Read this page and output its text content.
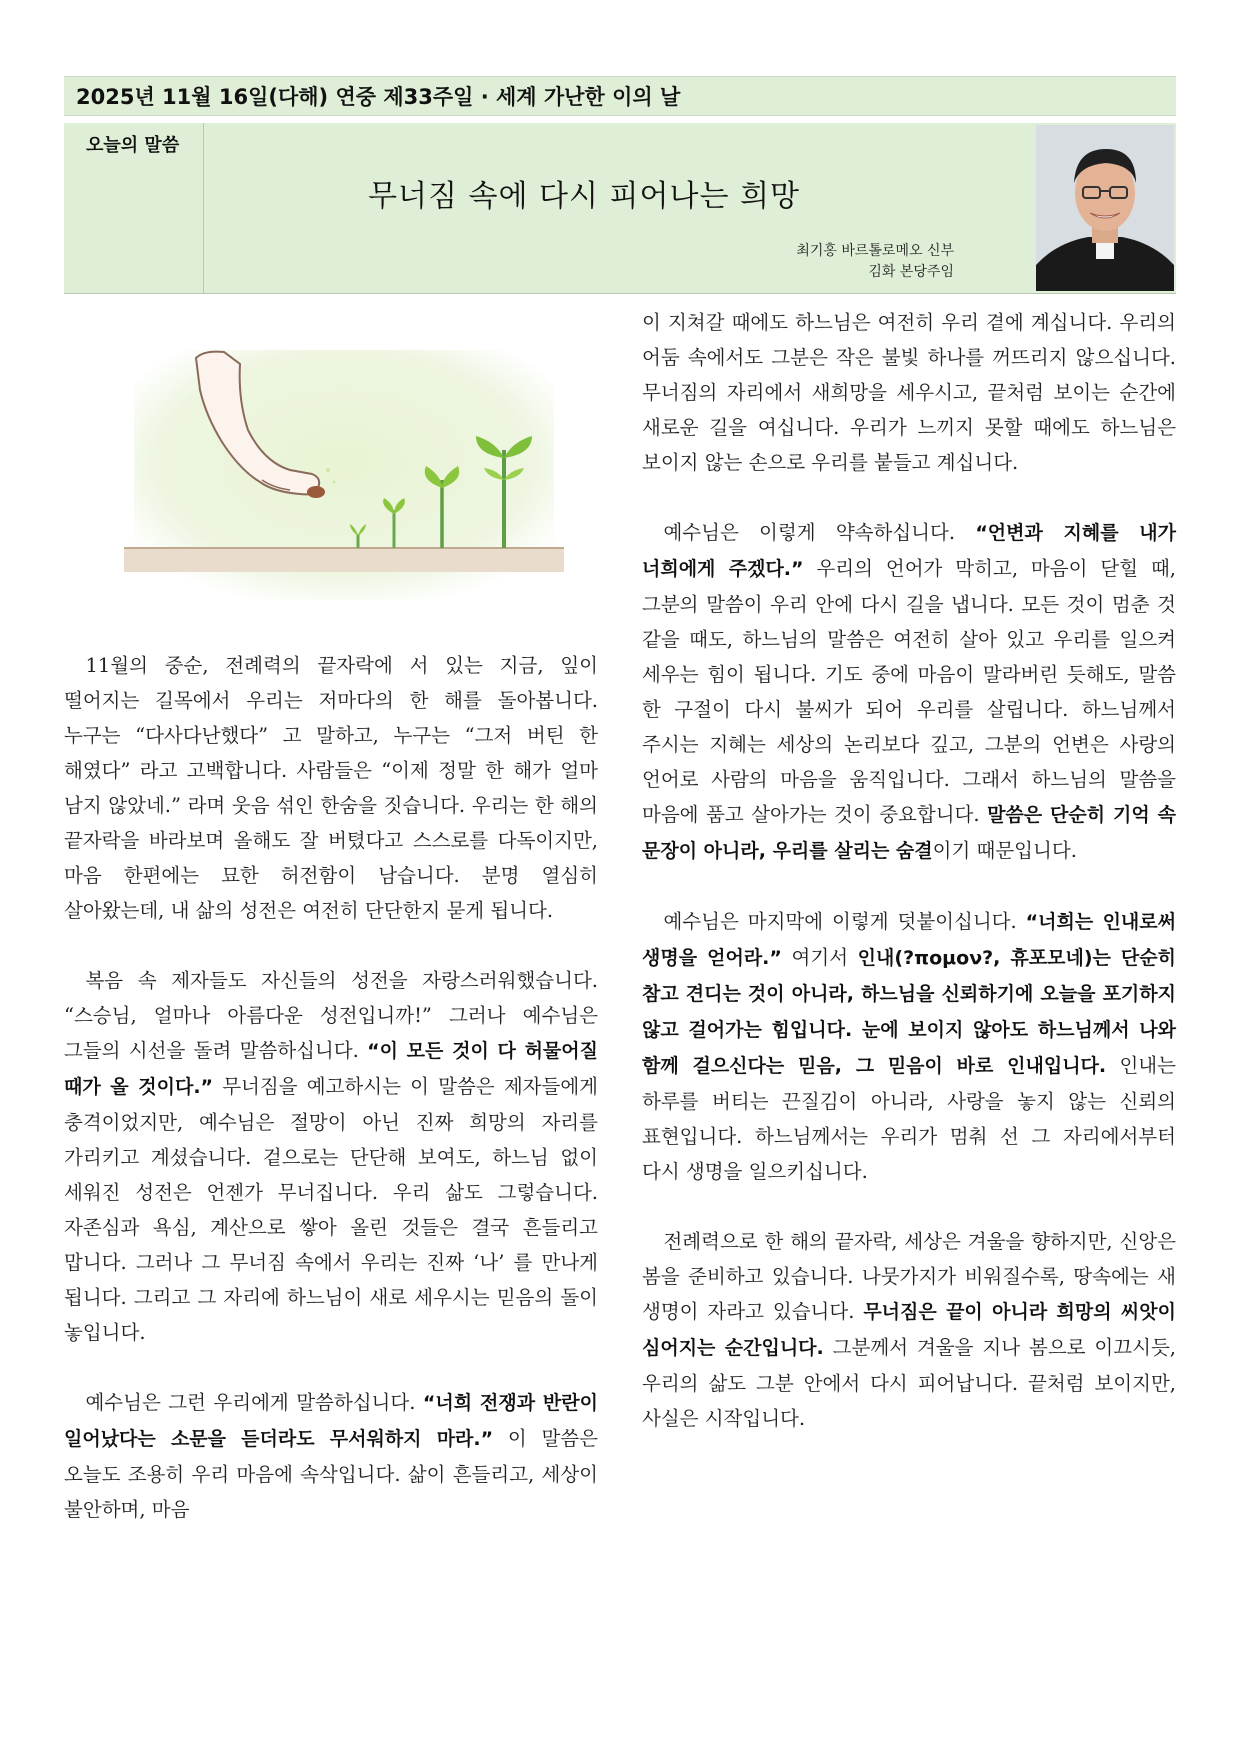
2025년 11월 16일(다해) 연중 제33주일 · 세계 가난한 이의 날
오늘의 말씀
무너짐 속에 다시 피어나는 희망
최기홍 바르톨로메오 신부
김화 본당주임

11월의 중순, 전례력의 끝자락에 서 있는 지금, 잎이 떨어지는 길목에서 우리는 저마다의 한 해를 돌아봅니다. 누구는 “다사다난했다” 고 말하고, 누구는 “그저 버틴 한 해였다” 라고 고백합니다. 사람들은 “이제 정말 한 해가 얼마 남지 않았네.” 라며 웃음 섞인 한숨을 짓습니다. 우리는 한 해의 끝자락을 바라보며 올해도 잘 버텼다고 스스로를 다독이지만, 마음 한편에는 묘한 허전함이 남습니다. 분명 열심히 살아왔는데, 내 삶의 성전은 여전히 단단한지 묻게 됩니다.

복음 속 제자들도 자신들의 성전을 자랑스러워했습니다. “스승님, 얼마나 아름다운 성전입니까!” 그러나 예수님은 그들의 시선을 돌려 말씀하십니다. “이 모든 것이 다 허물어질 때가 올 것이다.” 무너짐을 예고하시는 이 말씀은 제자들에게 충격이었지만, 예수님은 절망이 아닌 진짜 희망의 자리를 가리키고 계셨습니다. 겉으로는 단단해 보여도, 하느님 없이 세워진 성전은 언젠가 무너집니다. 우리 삶도 그렇습니다. 자존심과 욕심, 계산으로 쌓아 올린 것들은 결국 흔들리고 맙니다. 그러나 그 무너짐 속에서 우리는 진짜 ‘나’ 를 만나게 됩니다. 그리고 그 자리에 하느님이 새로 세우시는 믿음의 돌이 놓입니다.

예수님은 그런 우리에게 말씀하십니다. “너희 전쟁과 반란이 일어났다는 소문을 듣더라도 무서워하지 마라.” 이 말씀은 오늘도 조용히 우리 마음에 속삭입니다. 삶이 흔들리고, 세상이 불안하며, 마음

이 지쳐갈 때에도 하느님은 여전히 우리 곁에 계십니다. 우리의 어둠 속에서도 그분은 작은 불빛 하나를 꺼뜨리지 않으십니다. 무너짐의 자리에서 새희망을 세우시고, 끝처럼 보이는 순간에 새로운 길을 여십니다. 우리가 느끼지 못할 때에도 하느님은 보이지 않는 손으로 우리를 붙들고 계십니다.

예수님은 이렇게 약속하십니다. “언변과 지혜를 내가 너희에게 주겠다.” 우리의 언어가 막히고, 마음이 닫힐 때, 그분의 말씀이 우리 안에 다시 길을 냅니다. 모든 것이 멈춘 것 같을 때도, 하느님의 말씀은 여전히 살아 있고 우리를 일으켜 세우는 힘이 됩니다. 기도 중에 마음이 말라버린 듯해도, 말씀 한 구절이 다시 불씨가 되어 우리를 살립니다. 하느님께서 주시는 지혜는 세상의 논리보다 깊고, 그분의 언변은 사랑의 언어로 사람의 마음을 움직입니다. 그래서 하느님의 말씀을 마음에 품고 살아가는 것이 중요합니다. 말씀은 단순히 기억 속 문장이 아니라, 우리를 살리는 숨결이기 때문입니다.

예수님은 마지막에 이렇게 덧붙이십니다. “너희는 인내로써 생명을 얻어라.” 여기서 인내(?πομον?, 휴포모네)는 단순히 참고 견디는 것이 아니라, 하느님을 신뢰하기에 오늘을 포기하지 않고 걸어가는 힘입니다. 눈에 보이지 않아도 하느님께서 나와 함께 걸으신다는 믿음, 그 믿음이 바로 인내입니다. 인내는 하루를 버티는 끈질김이 아니라, 사랑을 놓지 않는 신뢰의 표현입니다. 하느님께서는 우리가 멈춰 선 그 자리에서부터 다시 생명을 일으키십니다.

전례력으로 한 해의 끝자락, 세상은 겨울을 향하지만, 신앙은 봄을 준비하고 있습니다. 나뭇가지가 비워질수록, 땅속에는 새 생명이 자라고 있습니다. 무너짐은 끝이 아니라 희망의 씨앗이 심어지는 순간입니다. 그분께서 겨울을 지나 봄으로 이끄시듯, 우리의 삶도 그분 안에서 다시 피어납니다. 끝처럼 보이지만, 사실은 시작입니다.
